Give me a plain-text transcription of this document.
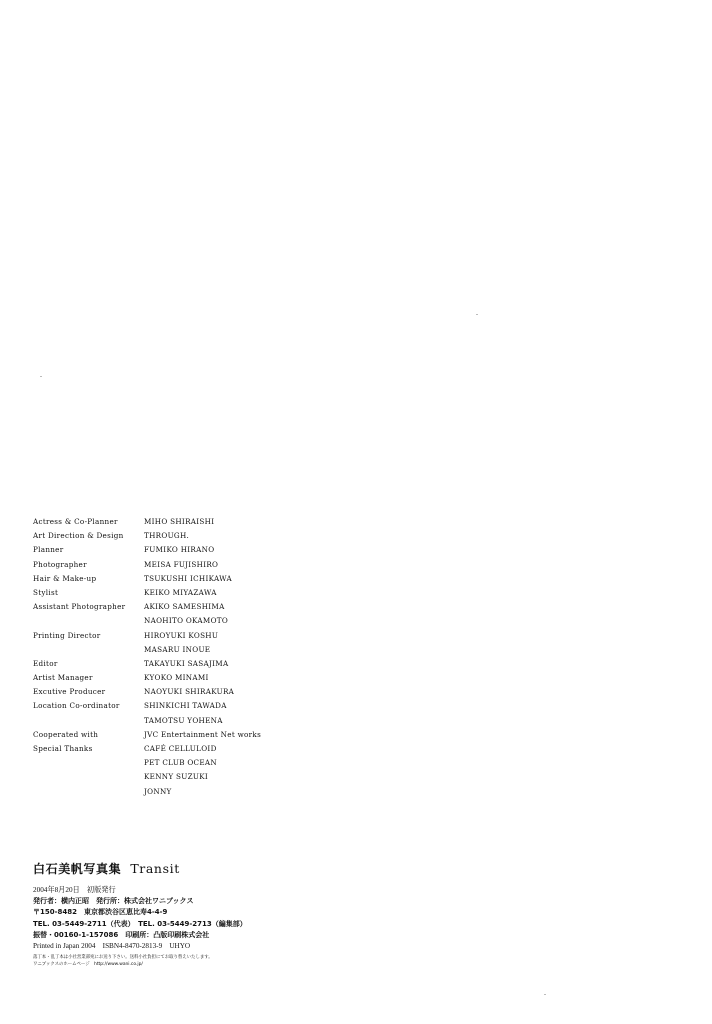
Actress & Co-Planner	MIHO SHIRAISHI
Art Direction & Design	THROUGH.
Planner	FUMIKO HIRANO
Photographer	MEISA FUJISHIRO
Hair & Make-up	TSUKUSHI ICHIKAWA
Stylist	KEIKO MIYAZAWA
Assistant Photographer	AKIKO SAMESHIMA
NAOHITO OKAMOTO
Printing Director	HIROYUKI KOSHU
MASARU INOUE
Editor	TAKAYUKI SASAJIMA
Artist Manager	KYOKO MINAMI
Excutive Producer	NAOYUKI SHIRAKURA
Location Co-ordinator	SHINKICHI TAWADA
TAMOTSU YOHENA
Cooperated with	JVC Entertainment Net works
Special Thanks	CAFÉ CELLULOID
PET CLUB OCEAN
KENNY SUZUKI
JONNY
白石美帆写真集 Transit
2004年8月20日　初版発行
発行者：横内正昭　発行所：株式会社ワニブックス
〒150-8482　東京都渋谷区恵比寿4-4-9
TEL. 03-5449-2711（代表）　TEL. 03-5449-2713（編集部）
振替・00160-1-157086　印刷所：凸版印刷株式会社
Printed in Japan 2004　ISBN4-8470-2813-9　UHYO
落丁本・乱丁本は小社営業部宛にお送り下さい。送料小社負担にてお取り替えいたします。
ワニブックスのホームページ　http://www.wani.co.jp/
